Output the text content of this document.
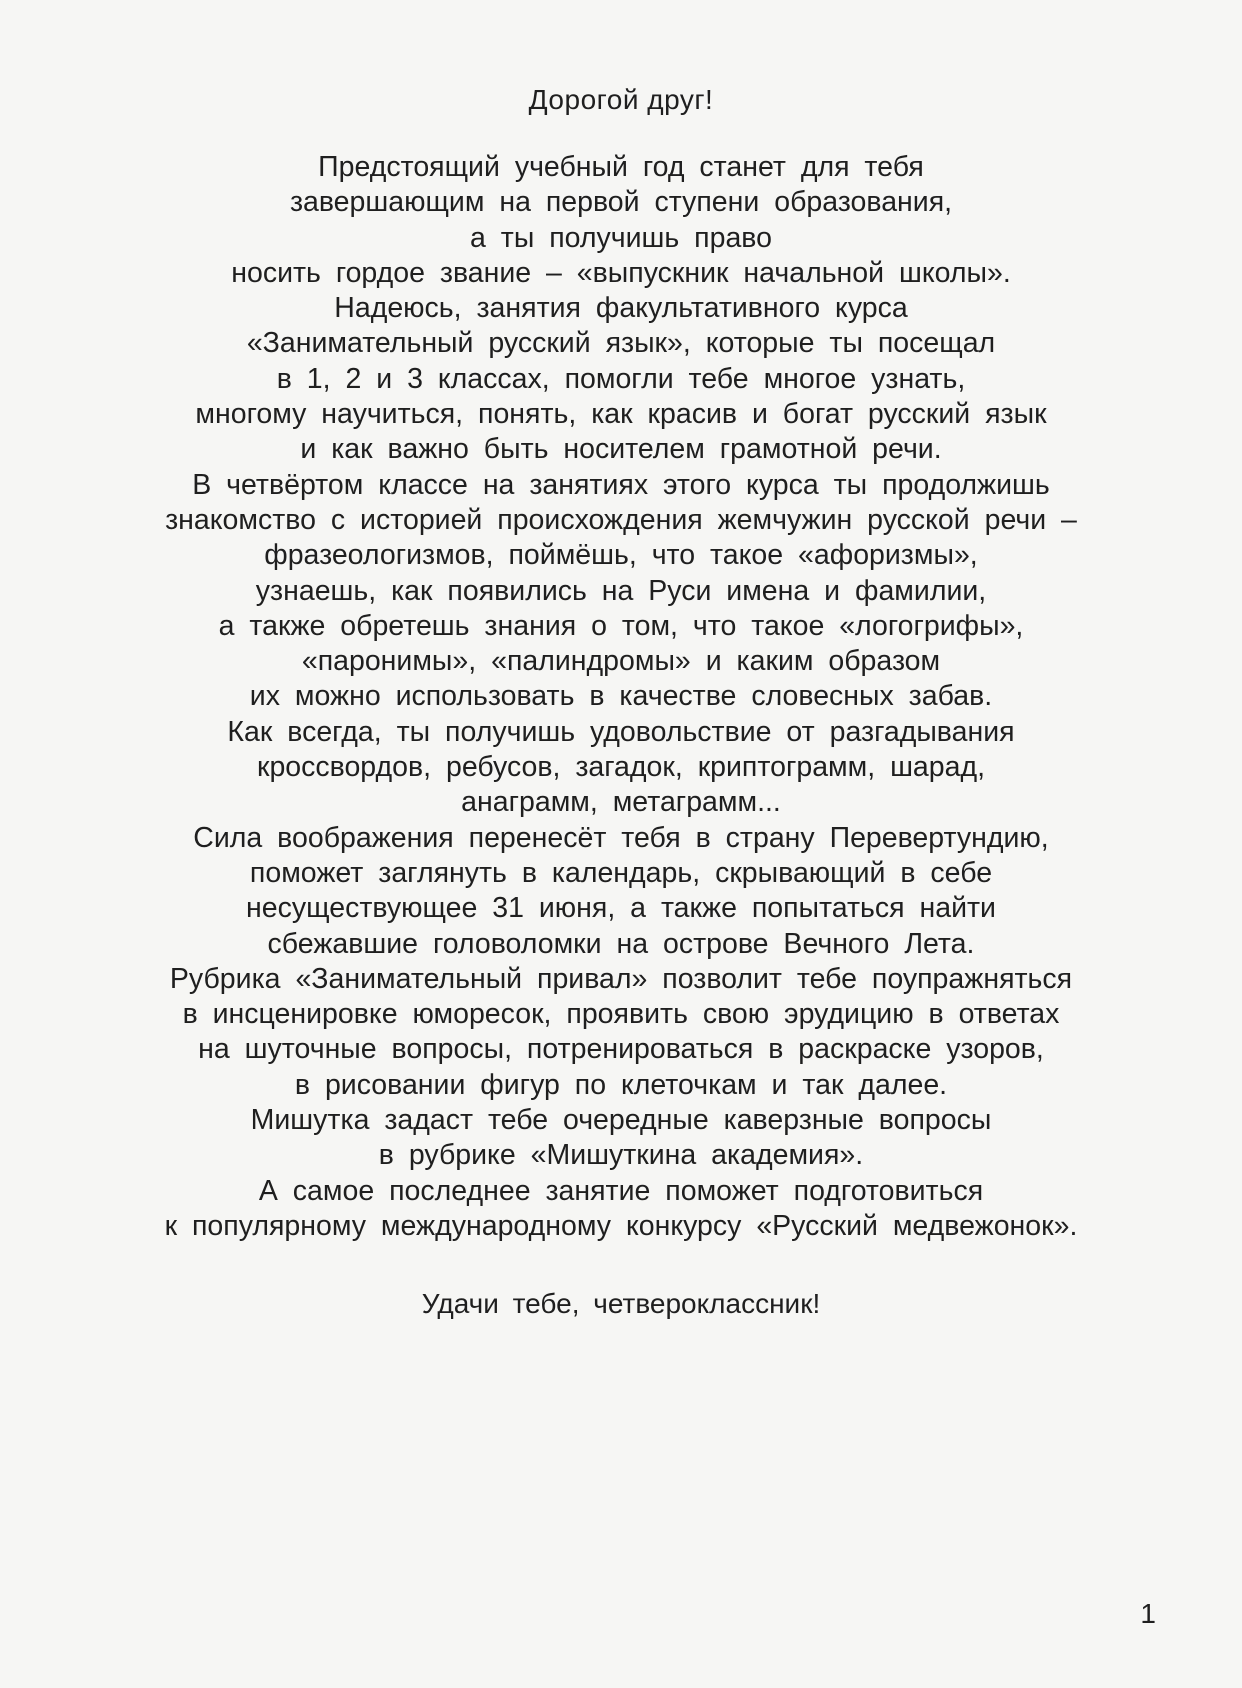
Дорогой друг!
Предстоящий учебный год станет для тебя
завершающим на первой ступени образования,
а ты получишь право
носить гордое звание – «выпускник начальной школы».
Надеюсь, занятия факультативного курса
«Занимательный русский язык», которые ты посещал
в 1, 2 и 3 классах, помогли тебе многое узнать,
многому научиться, понять, как красив и богат русский язык
и как важно быть носителем грамотной речи.
В четвёртом классе на занятиях этого курса ты продолжишь
знакомство с историей происхождения жемчужин русской речи –
фразеологизмов, поймёшь, что такое «афоризмы»,
узнаешь, как появились на Руси имена и фамилии,
а также обретешь знания о том, что такое «логогрифы»,
«паронимы», «палиндромы» и каким образом
их можно использовать в качестве словесных забав.
Как всегда, ты получишь удовольствие от разгадывания
кроссвордов, ребусов, загадок, криптограмм, шарад,
анаграмм, метаграмм...
Сила воображения перенесёт тебя в страну Перевертундию,
поможет заглянуть в календарь, скрывающий в себе
несуществующее 31 июня, а также попытаться найти
сбежавшие головоломки на острове Вечного Лета.
Рубрика «Занимательный привал» позволит тебе поупражняться
в инсценировке юморесок, проявить свою эрудицию в ответах
на шуточные вопросы, потренироваться в раскраске узоров,
в рисовании фигур по клеточкам и так далее.
Мишутка задаст тебе очередные каверзные вопросы
в рубрике «Мишуткина академия».
А самое последнее занятие поможет подготовиться
к популярному международному конкурсу «Русский медвежонок».
Удачи тебе, четвероклассник!
1
